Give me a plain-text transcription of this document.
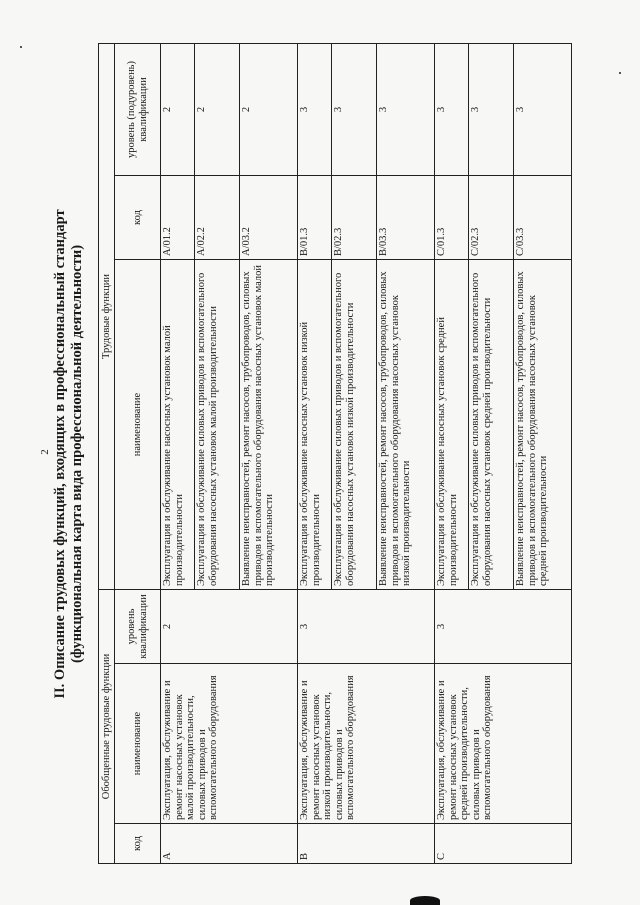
2 II. Описание трудовых функций, входящих в профессиональный стандарт (функциональная карта вида профессиональной деятельности)
Обобщенные трудовые функции			Трудовые функции		
код	наименование	уровень квалификации	наименование	код	уровень (подуровень) квалификации
A	Эксплуатация, обслуживание и ремонт насосных установок малой производительности, силовых приводов и вспомогательного оборудования	2	Эксплуатация и обслуживание насосных установок малой производительности	A/01.2	2
			Эксплуатация и обслуживание силовых приводов и вспомогательного оборудования насосных установок малой производительности	A/02.2	2
			Выявление неисправностей, ремонт насосов, трубопроводов, силовых приводов и вспомогательного оборудования насосных установок малой производительности	A/03.2	2
B	Эксплуатация, обслуживание и ремонт насосных установок низкой производительности, силовых приводов и вспомогательного оборудования	3	Эксплуатация и обслуживание насосных установок низкой производительности	B/01.3	3
			Эксплуатация и обслуживание силовых приводов и вспомогательного оборудования насосных установок низкой производительности	B/02.3	3
			Выявление неисправностей, ремонт насосов, трубопроводов, силовых приводов и вспомогательного оборудования насосных установок низкой производительности	B/03.3	3
C	Эксплуатация, обслуживание и ремонт насосных установок средней производительности, силовых приводов и вспомогательного оборудования	3	Эксплуатация и обслуживание насосных установок средней производительности	C/01.3	3
			Эксплуатация и обслуживание силовых приводов и вспомогательного оборудования насосных установок средней производительности	C/02.3	3
			Выявление неисправностей, ремонт насосов, трубопроводов, силовых приводов и вспомогательного оборудования насосных установок средней производительности	C/03.3	3
